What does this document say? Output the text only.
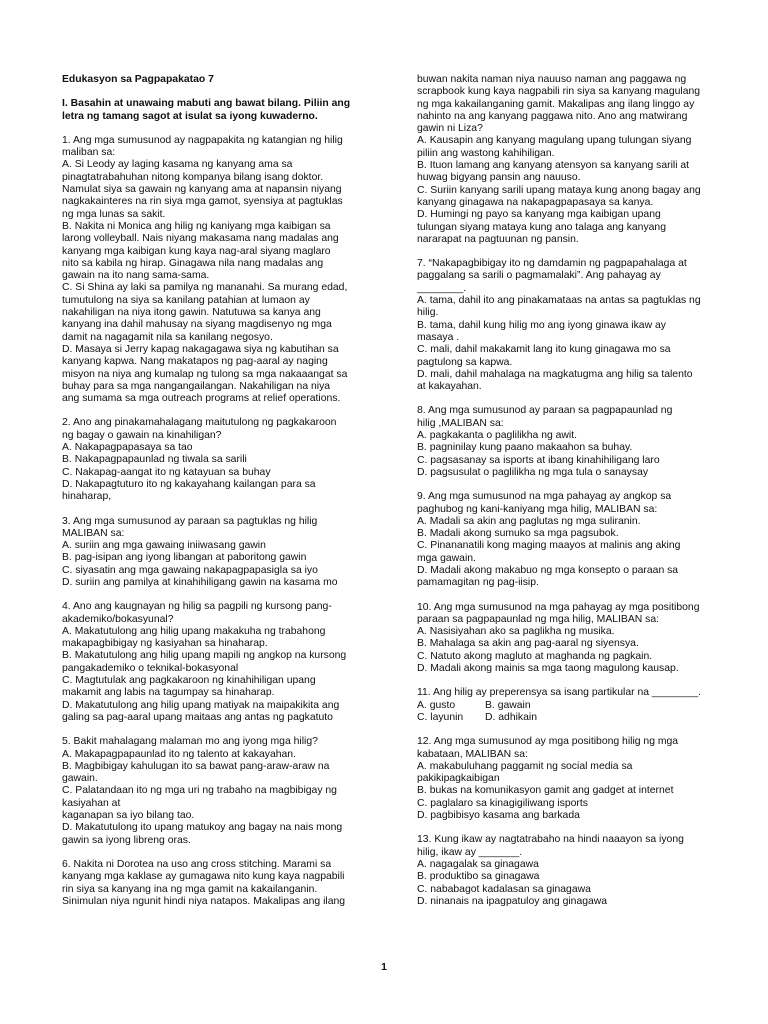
Edukasyon sa Pagpapakatao 7
I. Basahin at unawaing mabuti ang bawat bilang. Piliin ang
letra ng tamang sagot at isulat sa iyong kuwaderno.
1. Ang mga sumusunod ay nagpapakita ng katangian ng hilig
maliban sa:
A. Si Leody ay laging kasama ng kanyang ama sa
pinagtatrabahuhan nitong kompanya bilang isang doktor.
Namulat siya sa gawain ng kanyang ama at napansin niyang
nagkakainteres na rin siya mga gamot, syensiya at pagtuklas
ng mga lunas sa sakit.
B. Nakita ni Monica ang hilig ng kaniyang mga kaibigan sa
larong volleyball. Nais niyang makasama nang madalas ang
kanyang mga kaibigan kung kaya nag-aral siyang maglaro
nito sa kabila ng hirap. Ginagawa nila nang madalas ang
gawain na ito nang sama-sama.
C. Si Shina ay laki sa pamilya ng mananahi. Sa murang edad,
tumutulong na siya sa kanilang patahian at lumaon ay
nakahiligan na niya itong gawin. Natutuwa sa kanya ang
kanyang ina dahil mahusay na siyang magdisenyo ng mga
damit na nagagamit nila sa kanilang negosyo.
D. Masaya si Jerry kapag nakagagawa siya ng kabutihan sa
kanyang kapwa. Nang makatapos ng pag-aaral ay naging
misyon na niya ang kumalap ng tulong sa mga nakaaangat sa
buhay para sa mga nangangailangan. Nakahiligan na niya
ang sumama sa mga outreach programs at relief operations.
2. Ano ang pinakamahalagang maitutulong ng pagkakaroon
ng bagay o gawain na kinahiligan?
A. Nakapagpapasaya sa tao
B. Nakapagpapaunlad ng tiwala sa sarili
C. Nakapag-aangat ito ng katayuan sa buhay
D. Nakapagtuturo ito ng kakayahang kailangan para sa
hinaharap,
3. Ang mga sumusunod ay paraan sa pagtuklas ng hilig
MALIBAN sa:
A. suriin ang mga gawaing iniiwasang gawin
B. pag-isipan ang iyong libangan at paboritong gawin
C. siyasatin ang mga gawaing nakapagpapasigla sa iyo
D. suriin ang pamilya at kinahihiligang gawin na kasama mo
4. Ano ang kaugnayan ng hilig sa pagpili ng kursong pang-
akademiko/bokasyunal?
A. Makatutulong ang hilig upang makakuha ng trabahong
makapagbibigay ng kasiyahan sa hinaharap.
B. Makatutulong ang hilig upang mapili ng angkop na kursong
pangakademiko o teknikal-bokasyonal
C. Magtutulak ang pagkakaroon ng kinahihiligan upang
makamit ang labis na tagumpay sa hinaharap.
D. Makatutulong ang hilig upang matiyak na maipakikita ang
galing sa pag-aaral upang maitaas ang antas ng pagkatuto
5. Bakit mahalagang malaman mo ang iyong mga hilig?
A. Makapagpapaunlad ito ng talento at kakayahan.
B. Magbibigay kahulugan ito sa bawat pang-araw-araw na
gawain.
C. Palatandaan ito ng mga uri ng trabaho na magbibigay ng
kasiyahan at
kaganapan sa iyo bilang tao.
D. Makatutulong ito upang matukoy ang bagay na nais mong
gawin sa iyong libreng oras.
6. Nakita ni Dorotea na uso ang cross stitching. Marami sa
kanyang mga kaklase ay gumagawa nito kung kaya nagpabili
rin siya sa kanyang ina ng mga gamit na kakailanganin.
Sinimulan niya ngunit hindi niya natapos. Makalipas ang ilang
buwan nakita naman niya nauuso naman ang paggawa ng
scrapbook kung kaya nagpabili rin siya sa kanyang magulang
ng mga kakailanganing gamit. Makalipas ang ilang linggo ay
nahinto na ang kanyang paggawa nito. Ano ang matwirang
gawin ni Liza?
A. Kausapin ang kanyang magulang upang tulungan siyang
piliin ang wastong kahihiligan.
B. Ituon lamang ang kanyang atensyon sa kanyang sarili at
huwag bigyang pansin ang nauuso.
C. Suriin kanyang sarili upang mataya kung anong bagay ang
kanyang ginagawa na nakapagpapasaya sa kanya.
D. Humingi ng payo sa kanyang mga kaibigan upang
tulungan siyang mataya kung ano talaga ang kanyang
nararapat na pagtuunan ng pansin.
7. “Nakapagbibigay ito ng damdamin ng pagpapahalaga at
paggalang sa sarili o pagmamalaki”. Ang pahayag ay
________.
A. tama, dahil ito ang pinakamataas na antas sa pagtuklas ng
hilig.
B. tama, dahil kung hilig mo ang iyong ginawa ikaw ay
masaya .
C. mali, dahil makakamit lang ito kung ginagawa mo sa
pagtulong sa kapwa.
D. mali, dahil mahalaga na magkatugma ang hilig sa talento
at kakayahan.
8. Ang mga sumusunod ay paraan sa pagpapaunlad ng
hilig ,MALIBAN sa:
A. pagkakanta o paglilikha ng awit.
B. pagninilay kung paano makaahon sa buhay.
C. pagsasanay sa isports at ibang kinahihiligang laro
D. pagsusulat o paglilikha ng mga tula o sanaysay
9. Ang mga sumusunod na mga pahayag ay angkop sa
paghubog ng kani-kaniyang mga hilig, MALIBAN sa:
A. Madali sa akin ang paglutas ng mga suliranin.
B. Madali akong sumuko sa mga pagsubok.
C. Pinananatili kong maging maayos at malinis ang aking
mga gawain.
D. Madali akong makabuo ng mga konsepto o paraan sa
pamamagitan ng pag-iisip.
10. Ang mga sumusunod na mga pahayag ay mga positibong
paraan sa pagpapaunlad ng mga hilig, MALIBAN sa:
A. Nasisiyahan ako sa paglikha ng musika.
B. Mahalaga sa akin ang pag-aaral ng siyensya.
C. Natuto akong magluto at maghanda ng pagkain.
D. Madali akong mainis sa mga taong magulong kausap.
11. Ang hilig ay preperensya sa isang partikular na ________.
A. gusto	B. gawain
C. layunin D. adhikain
12. Ang mga sumusunod ay mga positibong hilig ng mga
kabataan, MALIBAN sa:
A. makabuluhang paggamit ng social media sa
pakikipagkaibigan
B. bukas na komunikasyon gamit ang gadget at internet
C. paglalaro sa kinagigiliwang isports
D. pagbibisyo kasama ang barkada
13. Kung ikaw ay nagtatrabaho na hindi naaayon sa iyong
hilig, ikaw ay _______.
A. nagagalak sa ginagawa
B. produktibo sa ginagawa
C. nababagot kadalasan sa ginagawa
D. ninanais na ipagpatuloy ang ginagawa
1
